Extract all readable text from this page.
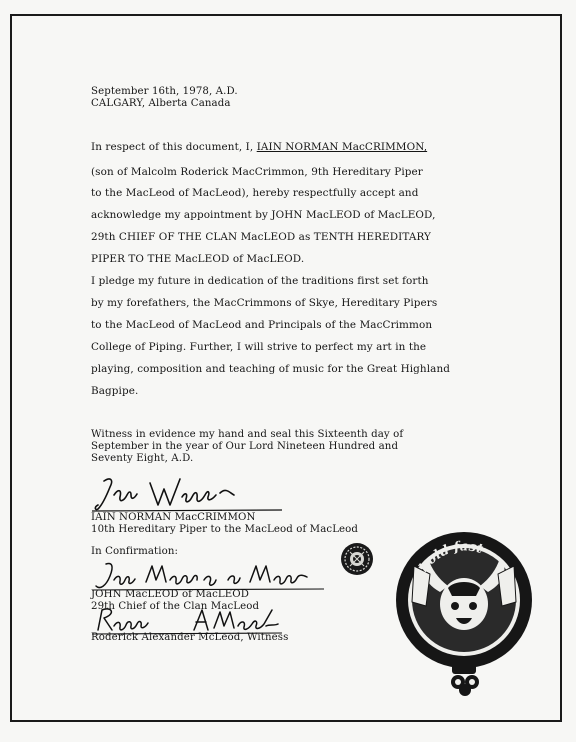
September 16th, 1978, A.D.
CALGARY, Alberta Canada
In respect of this document, I, IAIN NORMAN MacCRIMMON,
(son of Malcolm Roderick MacCrimmon, 9th Hereditary Piper
to the MacLeod of MacLeod), hereby respectfully accept and
acknowledge my appointment by JOHN MacLEOD of MacLEOD,
29th CHIEF OF THE CLAN MacLEOD as TENTH HEREDITARY
PIPER TO THE MacLEOD of MacLEOD.
I pledge my future in dedication of the traditions first set forth
by my forefathers, the MacCrimmons of Skye, Hereditary Pipers
to the MacLeod of MacLeod and Principals of the MacCrimmon
College of Piping. Further, I will strive to perfect my art in the
playing, composition and teaching of music for the Great Highland
Bagpipe.
Witness in evidence my hand and seal this Sixteenth day of
September in the year of Our Lord Nineteen Hundred and
Seventy Eight, A.D.
IAIN NORMAN MacCRIMMON
10th Hereditary Piper to the MacLeod of MacLeod
In Confirmation:
JOHN MacLEOD of MacLEOD
29th Chief of the Clan MacLeod
Roderick Alexander McLeod, Witness
hold fast
